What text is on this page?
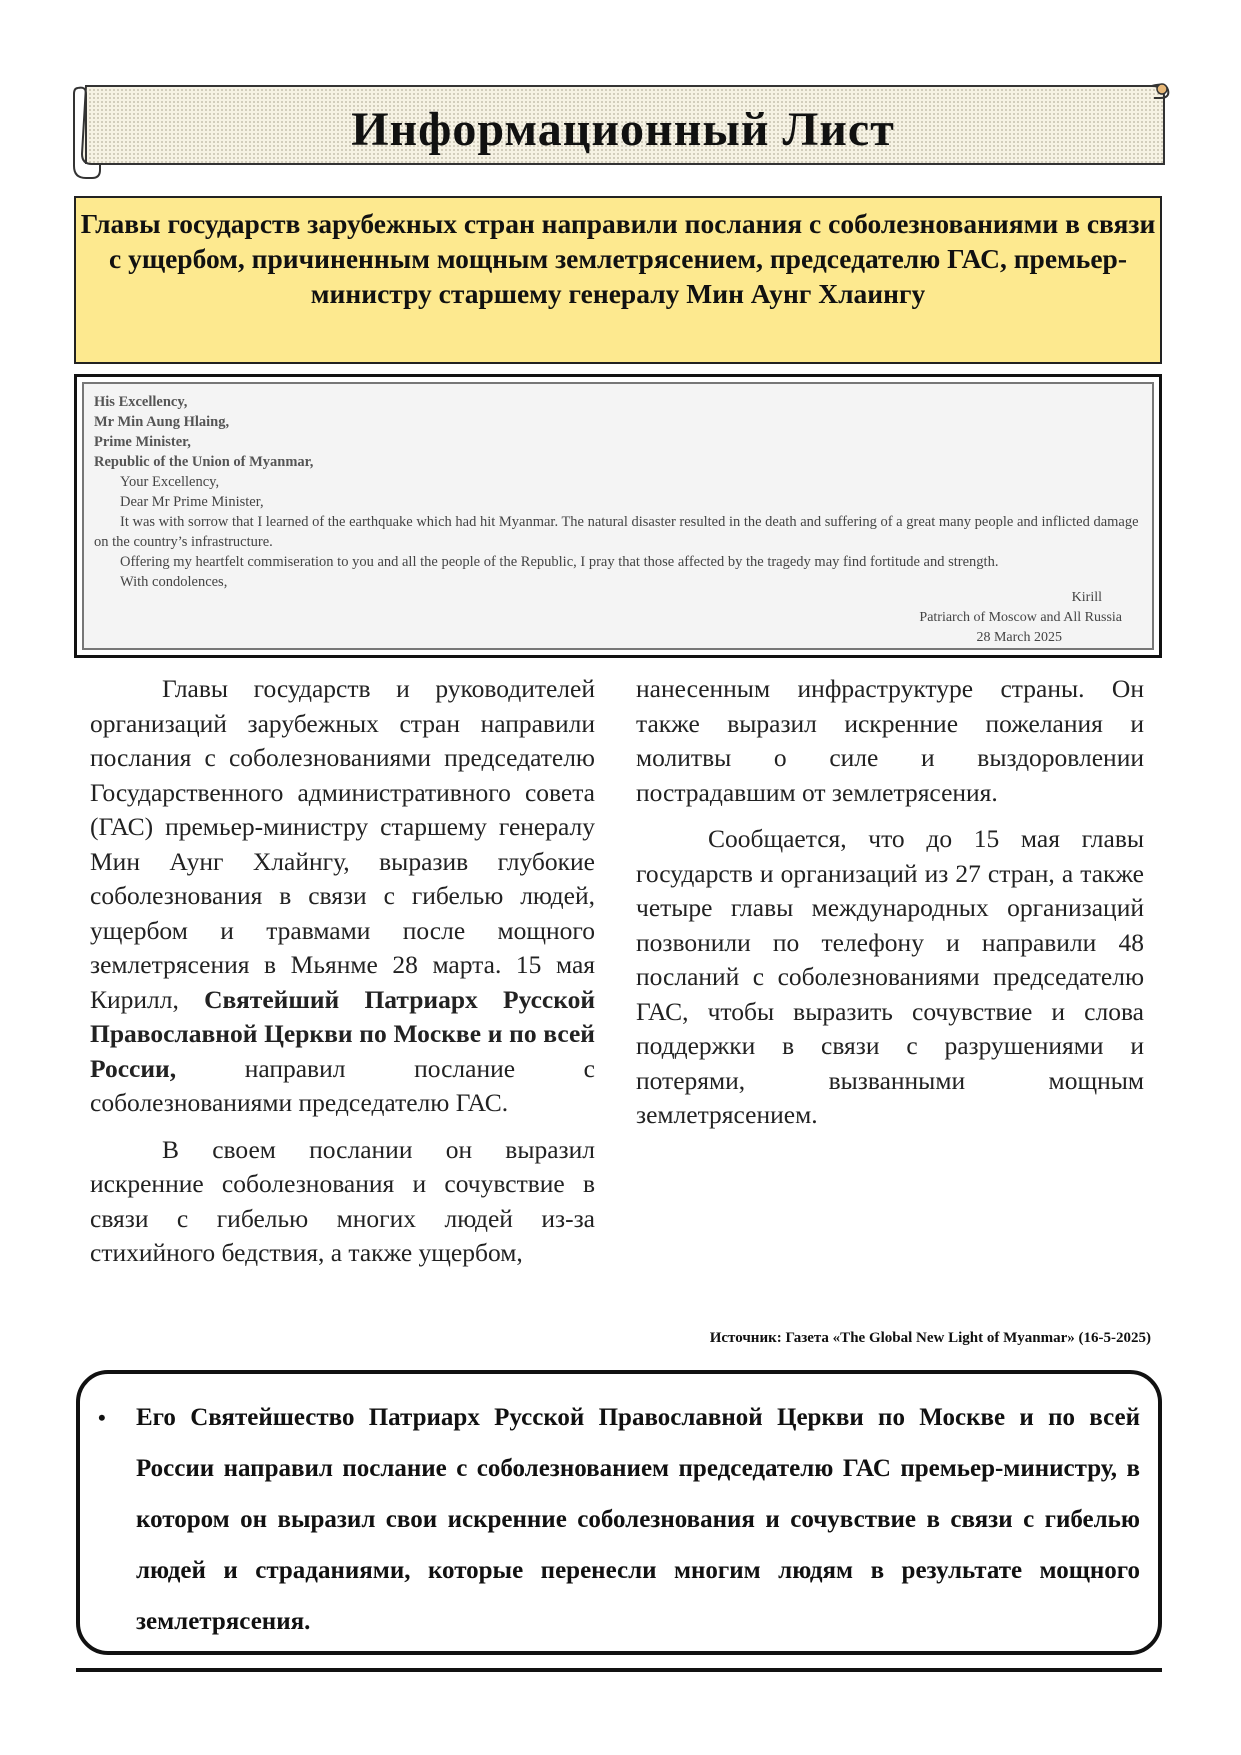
Информационный Лист
Главы государств зарубежных стран направили послания с соболезнованиями в связи с ущербом, причиненным мощным землетрясением, председателю ГАС, премьер-министру старшему генералу Мин Аунг Хлаингу
His Excellency,
Mr Min Aung Hlaing,
Prime Minister,
Republic of the Union of Myanmar,
Your Excellency,
Dear Mr Prime Minister,
It was with sorrow that I learned of the earthquake which had hit Myanmar. The natural disaster resulted in the death and suffering of a great many people and inflicted damage on the country’s infrastructure.
Offering my heartfelt commiseration to you and all the people of the Republic, I pray that those affected by the tragedy may find fortitude and strength.
With condolences,
Kirill
Patriarch of Moscow and All Russia
28 March 2025

Главы государств и руководителей организаций зарубежных стран направили послания с соболезнованиями председателю Государственного административного совета (ГАС) премьер-министру старшему генералу Мин Аунг Хлайнгу, выразив глубокие соболезнования в связи с гибелью людей, ущербом и травмами после мощного землетрясения в Мьянме 28 марта. 15 мая Кирилл, Святейший Патриарх Русской Православной Церкви по Москве и по всей России,	направил послание с соболезнованиями председателю ГАС.

В своем послании он выразил искренние соболезнования и сочувствие в связи с гибелью многих людей из-за стихийного бедствия, а также ущербом,

нанесенным инфраструктуре страны. Он также выразил искренние пожелания и молитвы о силе и выздоровлении пострадавшим от землетрясения.

Сообщается, что до 15 мая главы государств и организаций из 27 стран, а также четыре главы международных организаций позвонили по телефону и направили 48 посланий с соболезнованиями председателю ГАС, чтобы выразить сочувствие и слова поддержки в связи с разрушениями и потерями, вызванными мощным землетрясением.

Источник: Газета «The Global New Light of Myanmar» (16-5-2025)
• Его Святейшество Патриарх Русской Православной Церкви по Москве и по всей России направил послание с соболезнованием председателю ГАС премьер-министру, в котором он выразил свои искренние соболезнования и сочувствие в связи с гибелью людей и страданиями, которые перенесли многим людям в результате мощного землетрясения.
